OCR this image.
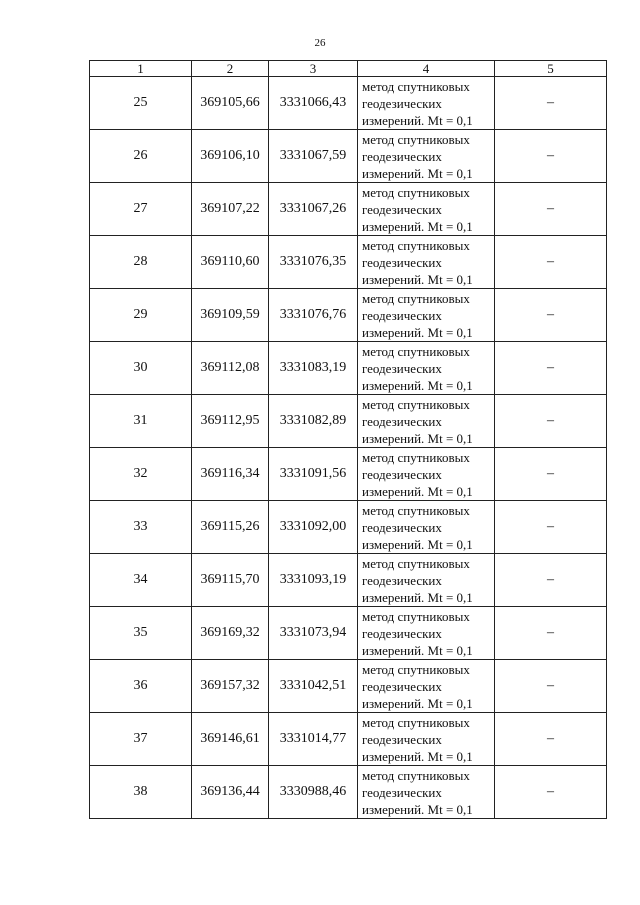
26
1	2	3	4	5
25	369105,66	3331066,43	метод спутниковых
геодезических
измерений. Mt = 0,1	–
26	369106,10	3331067,59	метод спутниковых
геодезических
измерений. Mt = 0,1	–
27	369107,22	3331067,26	метод спутниковых
геодезических
измерений. Mt = 0,1	–
28	369110,60	3331076,35	метод спутниковых
геодезических
измерений. Mt = 0,1	–
29	369109,59	3331076,76	метод спутниковых
геодезических
измерений. Mt = 0,1	–
30	369112,08	3331083,19	метод спутниковых
геодезических
измерений. Mt = 0,1	–
31	369112,95	3331082,89	метод спутниковых
геодезических
измерений. Mt = 0,1	–
32	369116,34	3331091,56	метод спутниковых
геодезических
измерений. Mt = 0,1	–
33	369115,26	3331092,00	метод спутниковых
геодезических
измерений. Mt = 0,1	–
34	369115,70	3331093,19	метод спутниковых
геодезических
измерений. Mt = 0,1	–
35	369169,32	3331073,94	метод спутниковых
геодезических
измерений. Mt = 0,1	–
36	369157,32	3331042,51	метод спутниковых
геодезических
измерений. Mt = 0,1	–
37	369146,61	3331014,77	метод спутниковых
геодезических
измерений. Mt = 0,1	–
38	369136,44	3330988,46	метод спутниковых
геодезических
измерений. Mt = 0,1	–
